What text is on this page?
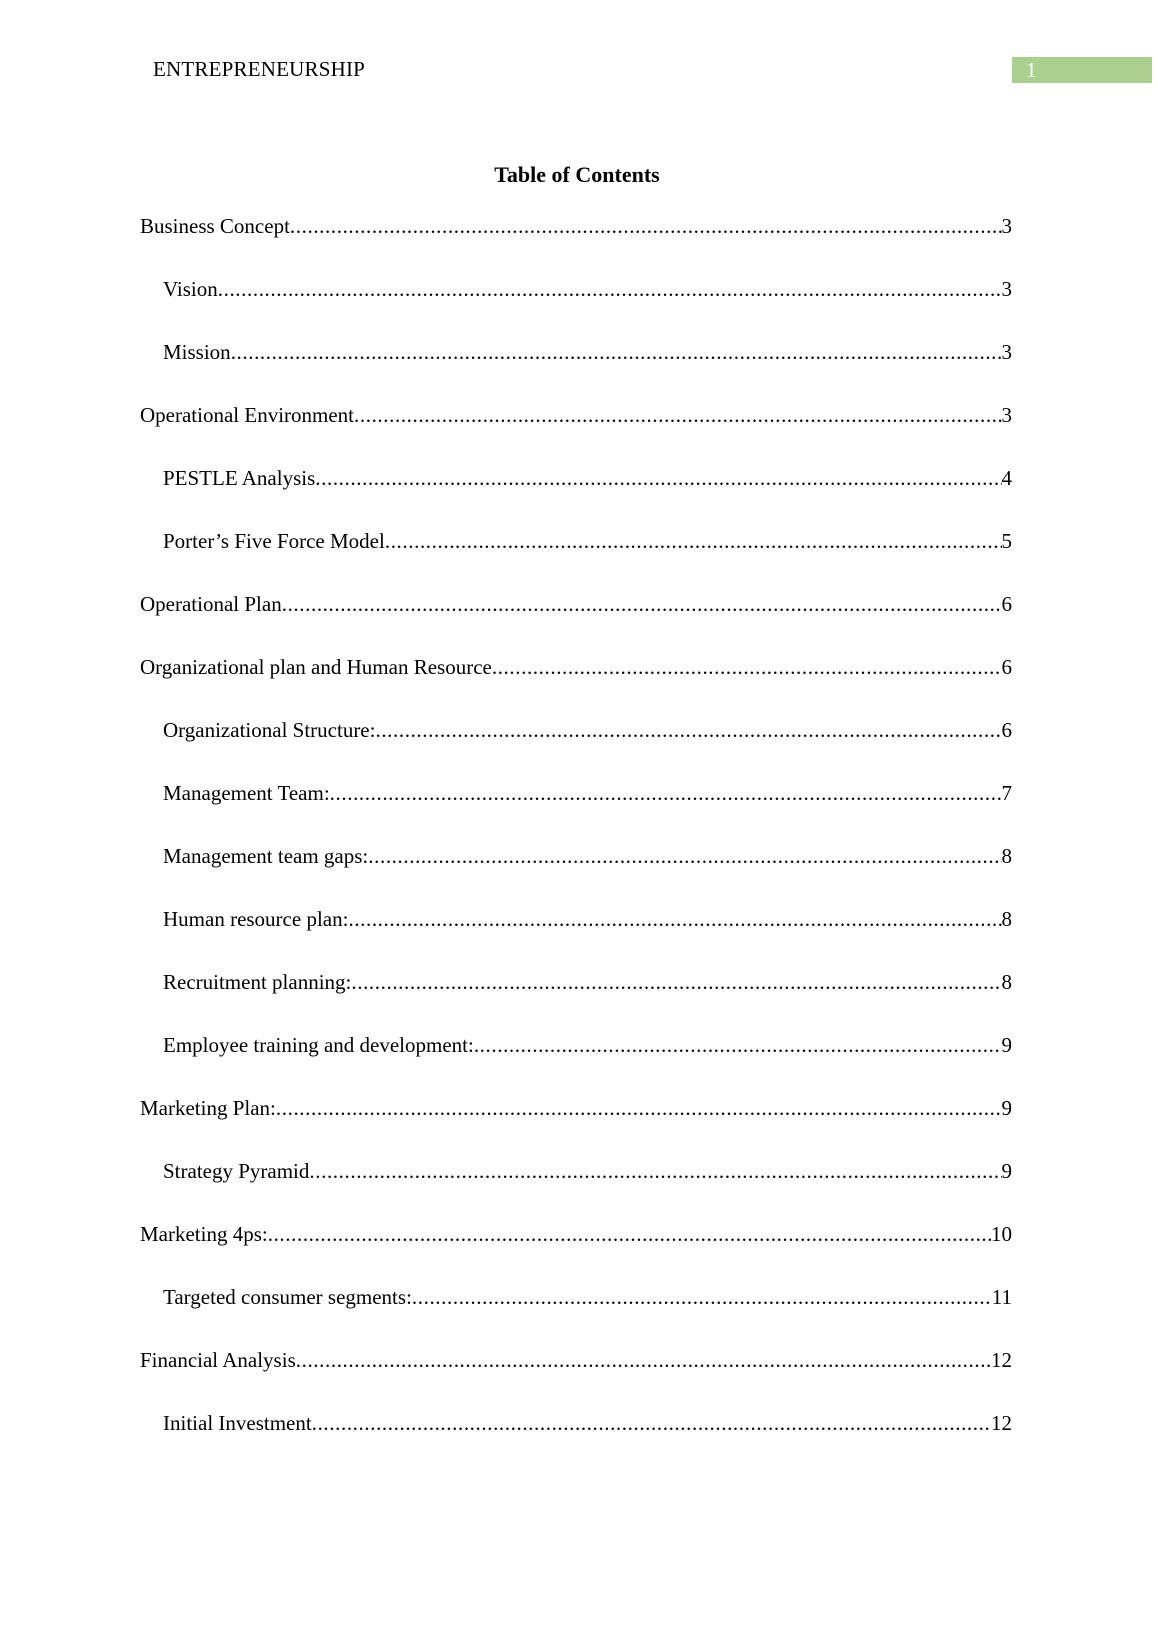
ENTREPRENEURSHIP	1
Table of Contents
Business Concept .....	3
Vision .....	3
Mission .....	3
Operational Environment .....	3
PESTLE Analysis .....	4
Porter’s Five Force Model .....	5
Operational Plan .....	6
Organizational plan and Human Resource .....	6
Organizational Structure: .....	6
Management Team: .....	7
Management team gaps: .....	8
Human resource plan: .....	8
Recruitment planning: .....	8
Employee training and development: .....	9
Marketing Plan: .....	9
Strategy Pyramid .....	9
Marketing 4ps: .....	10
Targeted consumer segments: .....	11
Financial Analysis .....	12
Initial Investment .....	12
